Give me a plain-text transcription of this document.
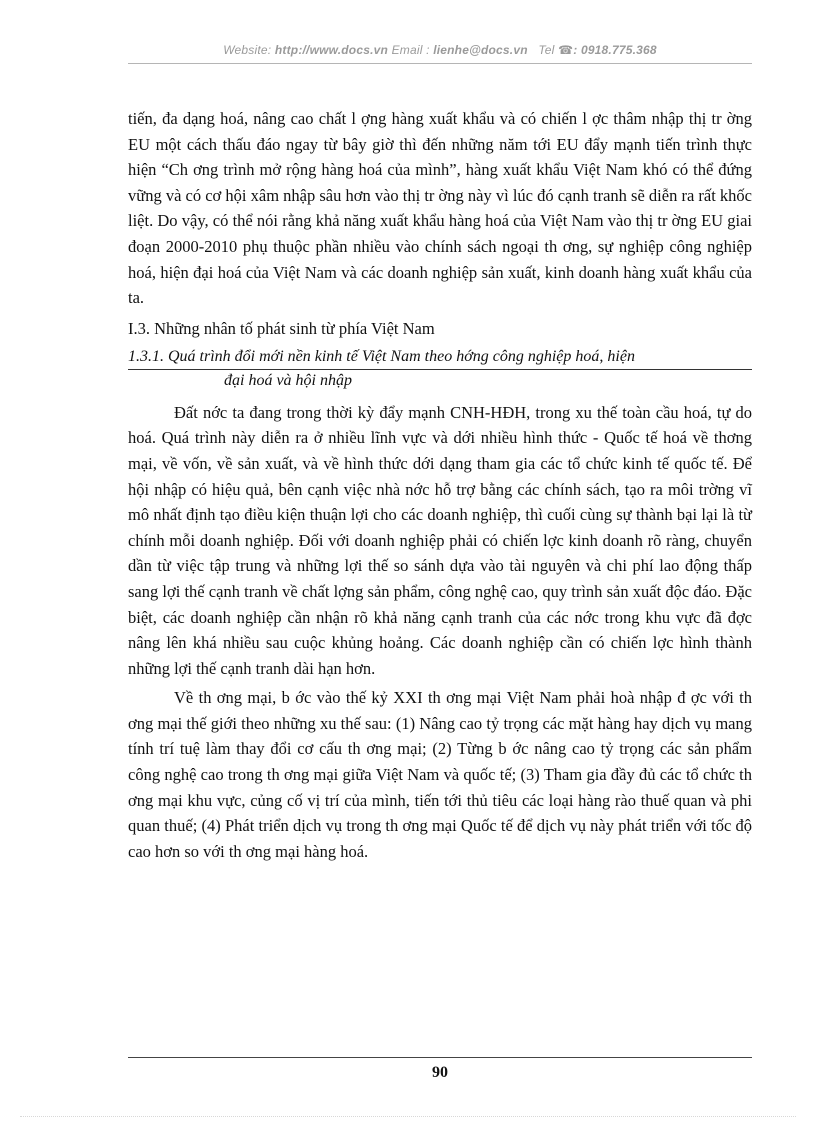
Website: http://www.docs.vn Email : lienhe@docs.vn Tel ☎: 0918.775.368

tiến, đa dạng hoá, nâng cao chất l ợng hàng xuất khẩu và có chiến l ợc thâm nhập thị tr ờng EU một cách thấu đáo ngay từ bây giờ thì đến những năm tới EU đẩy mạnh tiến trình thực hiện “Ch ơng trình mở rộng hàng hoá của mình”, hàng xuất khẩu Việt Nam khó có thể đứng vững và có cơ hội xâm nhập sâu hơn vào thị tr ờng này vì lúc đó cạnh tranh sẽ diễn ra rất khốc liệt. Do vậy, có thể nói rằng khả năng xuất khẩu hàng hoá của Việt Nam vào thị tr ờng EU giai đoạn 2000-2010 phụ thuộc phần nhiều vào chính sách ngoại th ơng, sự nghiệp công nghiệp hoá, hiện đại hoá của Việt Nam và các doanh nghiệp sản xuất, kinh doanh hàng xuất khẩu của ta.

I.3. Những nhân tố phát sinh từ phía Việt Nam

1.3.1. Quá trình đổi mới nền kinh tế Việt Nam theo hớng công nghiệp hoá, hiện

đại hoá và hội nhập

Đất nớc ta đang trong thời kỳ đẩy mạnh CNH-HĐH, trong xu thế toàn cầu hoá, tự do hoá. Quá trình này diễn ra ở nhiều lĩnh vực và dới nhiều hình thức - Quốc tế hoá về thơng mại, về vốn, về sản xuất, và về hình thức dới dạng tham gia các tổ chức kinh tế quốc tế. Để hội nhập có hiệu quả, bên cạnh việc nhà nớc hỗ trợ bằng các chính sách, tạo ra môi trờng vĩ mô nhất định tạo điều kiện thuận lợi cho các doanh nghiệp, thì cuối cùng sự thành bại lại là từ chính mỗi doanh nghiệp. Đối với doanh nghiệp phải có chiến lợc kinh doanh rõ ràng, chuyển dần từ việc tập trung và những lợi thế so sánh dựa vào tài nguyên và chi phí lao động thấp sang lợi thế cạnh tranh về chất lợng sản phẩm, công nghệ cao, quy trình sản xuất độc đáo. Đặc biệt, các doanh nghiệp cần nhận rõ khả năng cạnh tranh của các nớc trong khu vực đã đợc nâng lên khá nhiều sau cuộc khủng hoảng. Các doanh nghiệp cần có chiến lợc hình thành những lợi thế cạnh tranh dài hạn hơn.

Về th ơng mại, b ớc vào thế kỷ XXI th ơng mại Việt Nam phải hoà nhập đ ợc với th ơng mại thế giới theo những xu thế sau: (1) Nâng cao tỷ trọng các mặt hàng hay dịch vụ mang tính trí tuệ làm thay đổi cơ cấu th ơng mại; (2) Từng b ớc nâng cao tỷ trọng các sản phẩm công nghệ cao trong th ơng mại giữa Việt Nam và quốc tế; (3) Tham gia đầy đủ các tổ chức th ơng mại khu vực, củng cố vị trí của mình, tiến tới thủ tiêu các loại hàng rào thuế quan và phi quan thuế; (4) Phát triển dịch vụ trong th ơng mại Quốc tế để dịch vụ này phát triển với tốc độ cao hơn so với th ơng mại hàng hoá.

90
